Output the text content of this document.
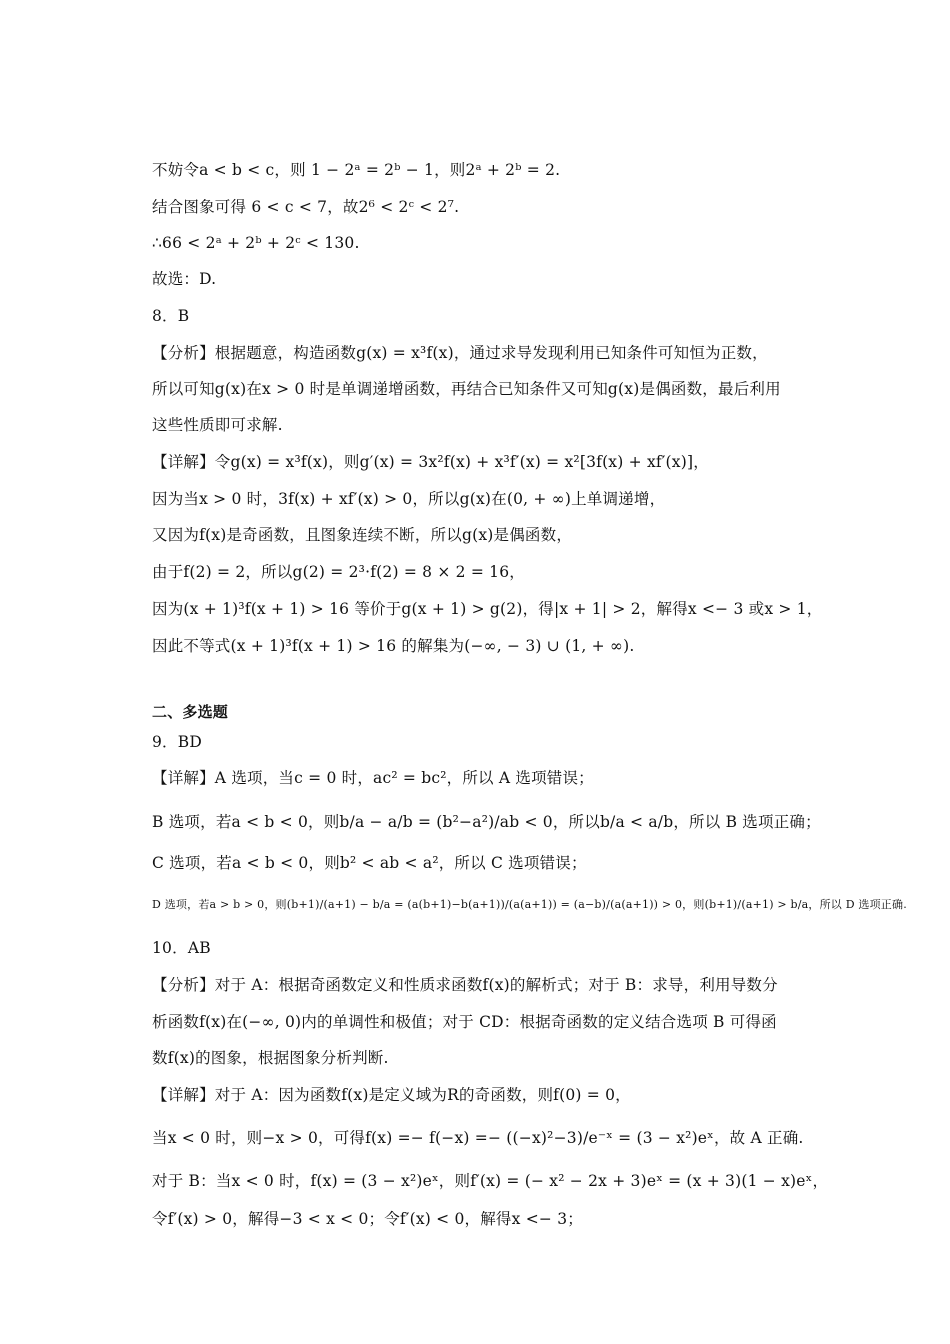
不妨令a < b < c，则 1 − 2ᵃ = 2ᵇ − 1，则2ᵃ + 2ᵇ = 2.
结合图象可得 6 < c < 7，故2⁶ < 2ᶜ < 2⁷.
∴66 < 2ᵃ + 2ᵇ + 2ᶜ < 130.
故选：D.
8．B
【分析】根据题意，构造函数g(x) = x³f(x)，通过求导发现利用已知条件可知恒为正数，
所以可知g(x)在x > 0 时是单调递增函数，再结合已知条件又可知g(x)是偶函数，最后利用
这些性质即可求解.
【详解】令g(x) = x³f(x)，则g′(x) = 3x²f(x) + x³f′(x) = x²[3f(x) + xf′(x)]，
因为当x > 0 时，3f(x) + xf′(x) > 0，所以g(x)在(0, + ∞)上单调递增，
又因为f(x)是奇函数，且图象连续不断，所以g(x)是偶函数，
由于f(2) = 2，所以g(2) = 2³·f(2) = 8 × 2 = 16，
因为(x + 1)³f(x + 1) > 16 等价于g(x + 1) > g(2)，得|x + 1| > 2，解得x <− 3 或x > 1，
因此不等式(x + 1)³f(x + 1) > 16 的解集为(−∞, − 3) ∪ (1, + ∞).
二、多选题
9．BD
【详解】A 选项，当c = 0 时，ac² = bc²，所以 A 选项错误；
B 选项，若a < b < 0，则b/a − a/b = (b²−a²)/ab < 0，所以b/a < a/b，所以 B 选项正确；
C 选项，若a < b < 0，则b² < ab < a²，所以 C 选项错误；
D 选项，若a > b > 0，则(b+1)/(a+1) − b/a = (a(b+1)−b(a+1))/(a(a+1)) = (a−b)/(a(a+1)) > 0，则(b+1)/(a+1) > b/a，所以 D 选项正确.
10．AB
【分析】对于 A：根据奇函数定义和性质求函数f(x)的解析式；对于 B：求导，利用导数分
析函数f(x)在(−∞, 0)内的单调性和极值；对于 CD：根据奇函数的定义结合选项 B 可得函
数f(x)的图象，根据图象分析判断.
【详解】对于 A：因为函数f(x)是定义域为R的奇函数，则f(0) = 0，
当x < 0 时，则−x > 0，可得f(x) =− f(−x) =− ((−x)²−3)/e⁻ˣ = (3 − x²)eˣ，故 A 正确.
对于 B：当x < 0 时，f(x) = (3 − x²)eˣ，则f′(x) = (− x² − 2x + 3)eˣ = (x + 3)(1 − x)eˣ，
令f′(x) > 0，解得−3 < x < 0；令f′(x) < 0，解得x <− 3；
